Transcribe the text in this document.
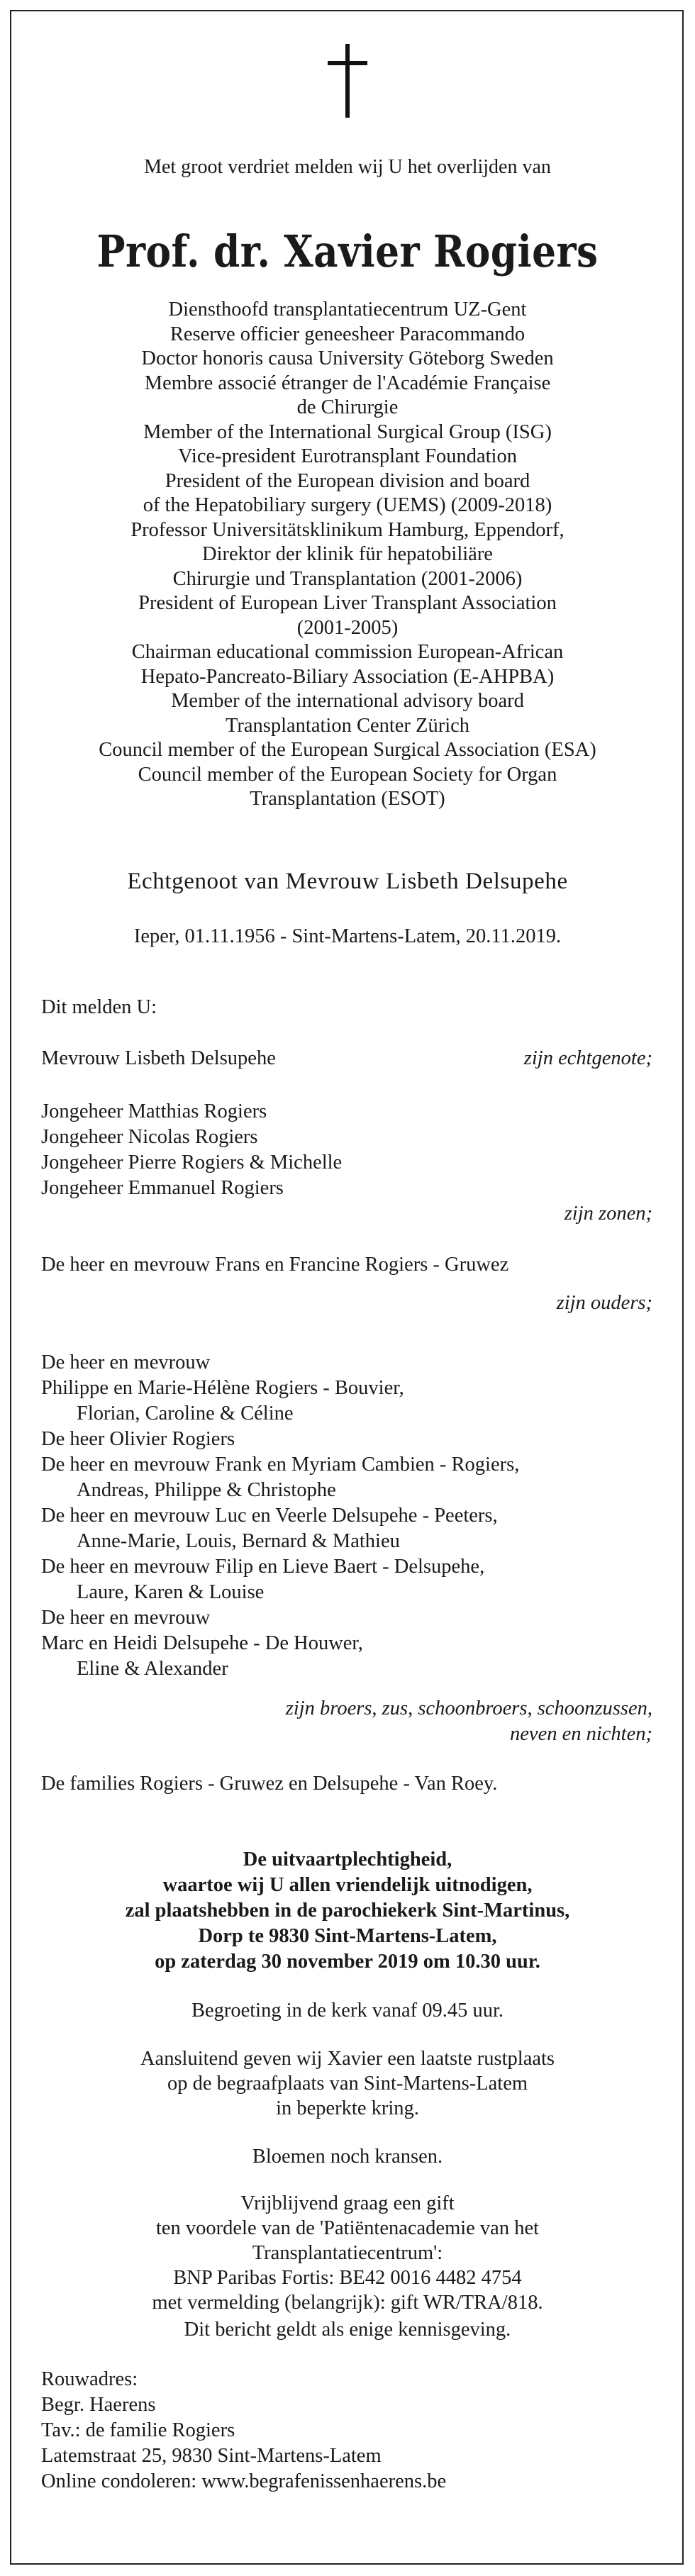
Met groot verdriet melden wij U het overlijden van
Prof. dr. Xavier Rogiers
Diensthoofd transplantatiecentrum UZ-Gent
Reserve officier geneesheer Paracommando
Doctor honoris causa University Göteborg Sweden
Membre associé étranger de l'Académie Française
de Chirurgie
Member of the International Surgical Group (ISG)
Vice-president Eurotransplant Foundation
President of the European division and board
of the Hepatobiliary surgery (UEMS) (2009-2018)
Professor Universitätsklinikum Hamburg, Eppendorf,
Direktor der klinik für hepatobiliäre
Chirurgie und Transplantation (2001-2006)
President of European Liver Transplant Association
(2001-2005)
Chairman educational commission European-African
Hepato-Pancreato-Biliary Association (E-AHPBA)
Member of the international advisory board
Transplantation Center Zürich
Council member of the European Surgical Association (ESA)
Council member of the European Society for Organ
Transplantation (ESOT)
Echtgenoot van Mevrouw Lisbeth Delsupehe
Ieper, 01.11.1956 - Sint-Martens-Latem, 20.11.2019.
Dit melden U:
Mevrouw Lisbeth Delsupehe	zijn echtgenote;
Jongeheer Matthias Rogiers
Jongeheer Nicolas Rogiers
Jongeheer Pierre Rogiers & Michelle
Jongeheer Emmanuel Rogiers
zijn zonen;
De heer en mevrouw Frans en Francine Rogiers - Gruwez
zijn ouders;
De heer en mevrouw
Philippe en Marie-Hélène Rogiers - Bouvier,
Florian, Caroline & Céline
De heer Olivier Rogiers
De heer en mevrouw Frank en Myriam Cambien - Rogiers,
Andreas, Philippe & Christophe
De heer en mevrouw Luc en Veerle Delsupehe - Peeters,
Anne-Marie, Louis, Bernard & Mathieu
De heer en mevrouw Filip en Lieve Baert - Delsupehe,
Laure, Karen & Louise
De heer en mevrouw
Marc en Heidi Delsupehe - De Houwer,
Eline & Alexander
zijn broers, zus, schoonbroers, schoonzussen,
neven en nichten;
De families Rogiers - Gruwez en Delsupehe - Van Roey.
De uitvaartplechtigheid,
waartoe wij U allen vriendelijk uitnodigen,
zal plaatshebben in de parochiekerk Sint-Martinus,
Dorp te 9830 Sint-Martens-Latem,
op zaterdag 30 november 2019 om 10.30 uur.
Begroeting in de kerk vanaf 09.45 uur.
Aansluitend geven wij Xavier een laatste rustplaats
op de begraafplaats van Sint-Martens-Latem
in beperkte kring.
Bloemen noch kransen.
Vrijblijvend graag een gift
ten voordele van de 'Patiëntenacademie van het
Transplantatiecentrum':
BNP Paribas Fortis: BE42 0016 4482 4754
met vermelding (belangrijk): gift WR/TRA/818.
Dit bericht geldt als enige kennisgeving.
Rouwadres:
Begr. Haerens
Tav.: de familie Rogiers
Latemstraat 25, 9830 Sint-Martens-Latem
Online condoleren: www.begrafenissenhaerens.be
